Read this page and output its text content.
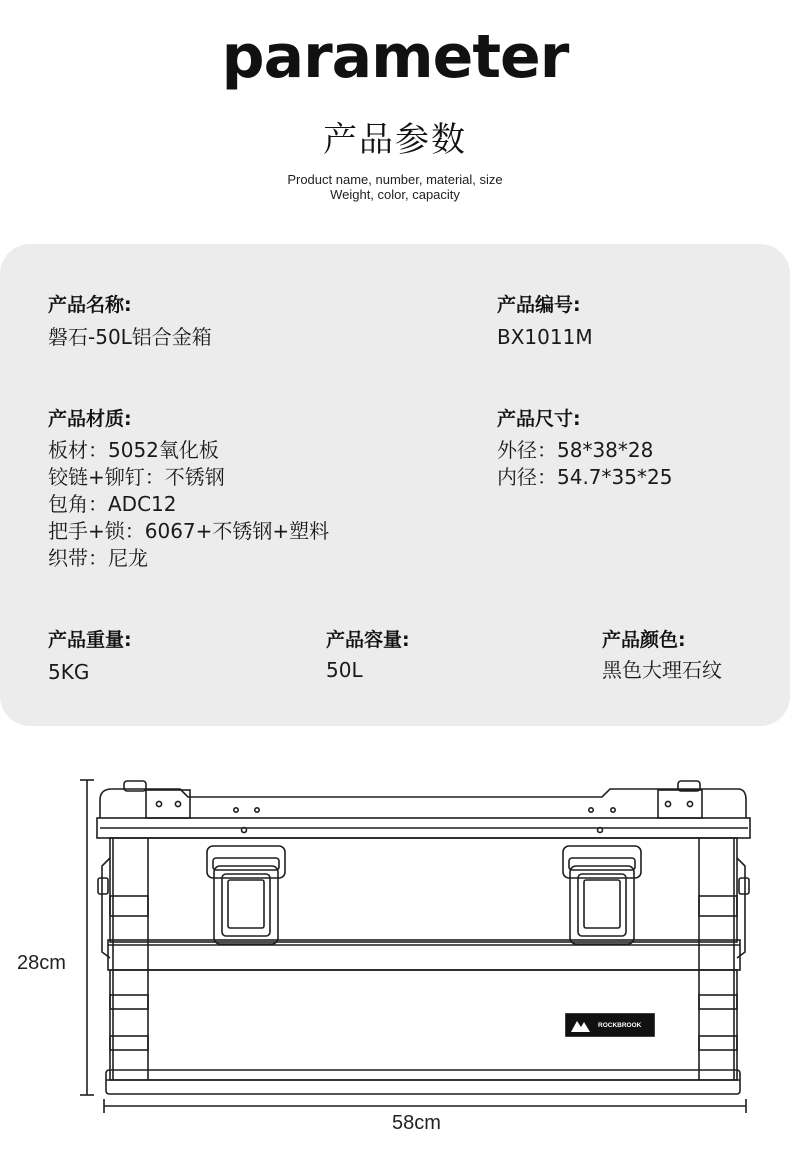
parameter
产品参数
Product name, number, material, size
Weight, color, capacity
产品名称:
磐石-50L铝合金箱
产品编号:
BX1011M
产品材质:
板材：5052氧化板
铰链+铆钉：不锈钢
包角：ADC12
把手+锁：6067+不锈钢+塑料
织带：尼龙
产品尺寸:
外径：58*38*28
内径：54.7*35*25
产品重量:
5KG
产品容量:
50L
产品颜色:
黑色大理石纹
28cm
58cm
ROCKBROOK
